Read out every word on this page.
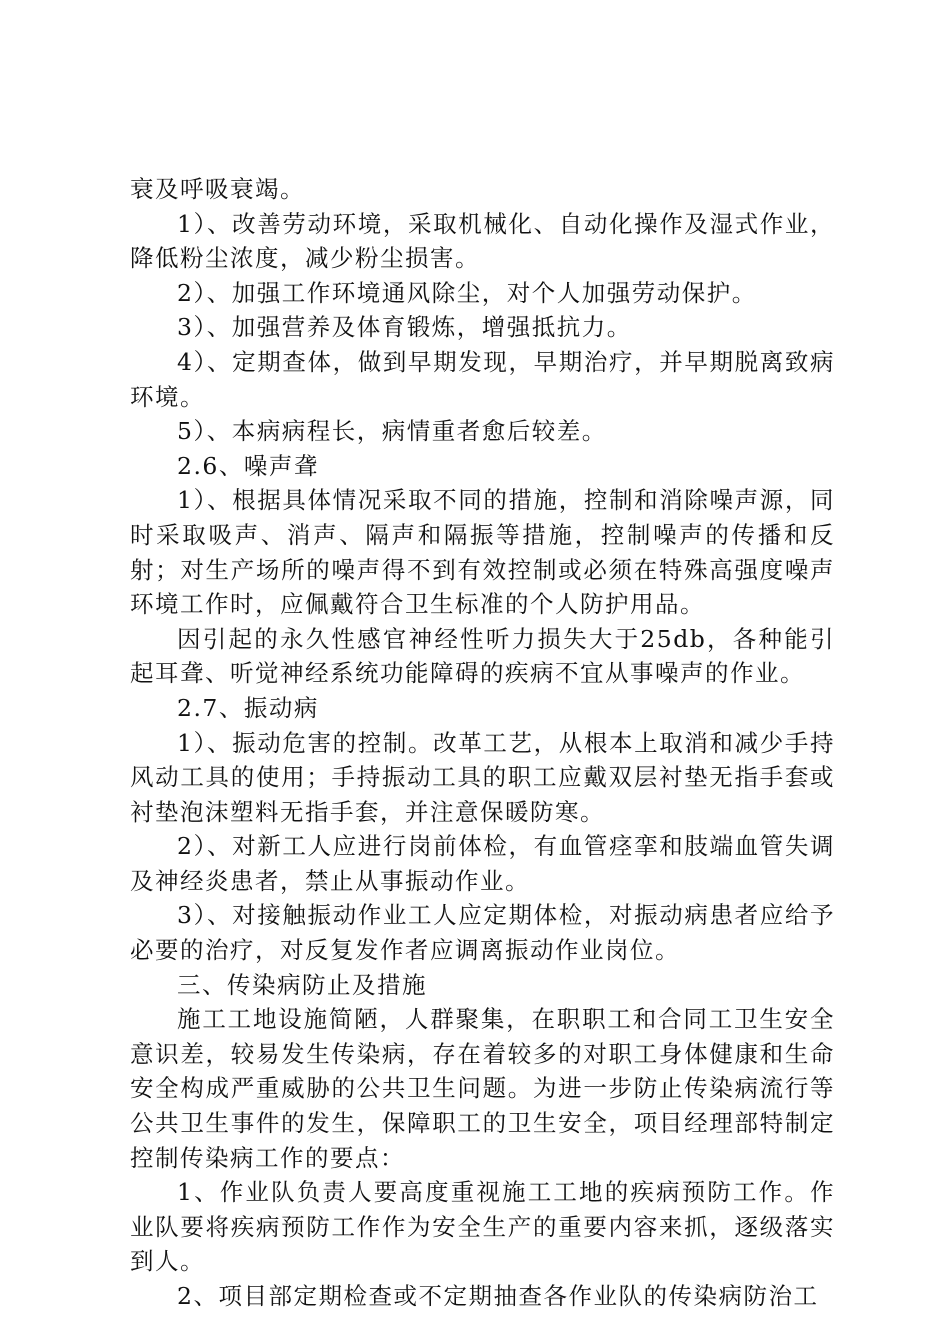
衰及呼吸衰竭。

1）、改善劳动环境，采取机械化、自动化操作及湿式作业，降低粉尘浓度，减少粉尘损害。

2）、加强工作环境通风除尘，对个人加强劳动保护。

3）、加强营养及体育锻炼，增强抵抗力。

4）、定期查体，做到早期发现，早期治疗，并早期脱离致病环境。

5）、本病病程长，病情重者愈后较差。

2.6、噪声聋

1）、根据具体情况采取不同的措施，控制和消除噪声源，同时采取吸声、消声、隔声和隔振等措施，控制噪声的传播和反射；对生产场所的噪声得不到有效控制或必须在特殊高强度噪声环境工作时，应佩戴符合卫生标准的个人防护用品。

因引起的永久性感官神经性听力损失大于25db，各种能引起耳聋、听觉神经系统功能障碍的疾病不宜从事噪声的作业。

2.7、振动病

1）、振动危害的控制。改革工艺，从根本上取消和减少手持风动工具的使用；手持振动工具的职工应戴双层衬垫无指手套或衬垫泡沫塑料无指手套，并注意保暖防寒。

2）、对新工人应进行岗前体检，有血管痉挛和肢端血管失调及神经炎患者，禁止从事振动作业。

3）、对接触振动作业工人应定期体检，对振动病患者应给予必要的治疗，对反复发作者应调离振动作业岗位。

三、传染病防止及措施

施工工地设施简陋，人群聚集，在职职工和合同工卫生安全意识差，较易发生传染病，存在着较多的对职工身体健康和生命安全构成严重威胁的公共卫生问题。为进一步防止传染病流行等公共卫生事件的发生，保障职工的卫生安全，项目经理部特制定控制传染病工作的要点：

1、作业队负责人要高度重视施工工地的疾病预防工作。作业队要将疾病预防工作作为安全生产的重要内容来抓，逐级落实到人。

2、项目部定期检查或不定期抽查各作业队的传染病防治工
